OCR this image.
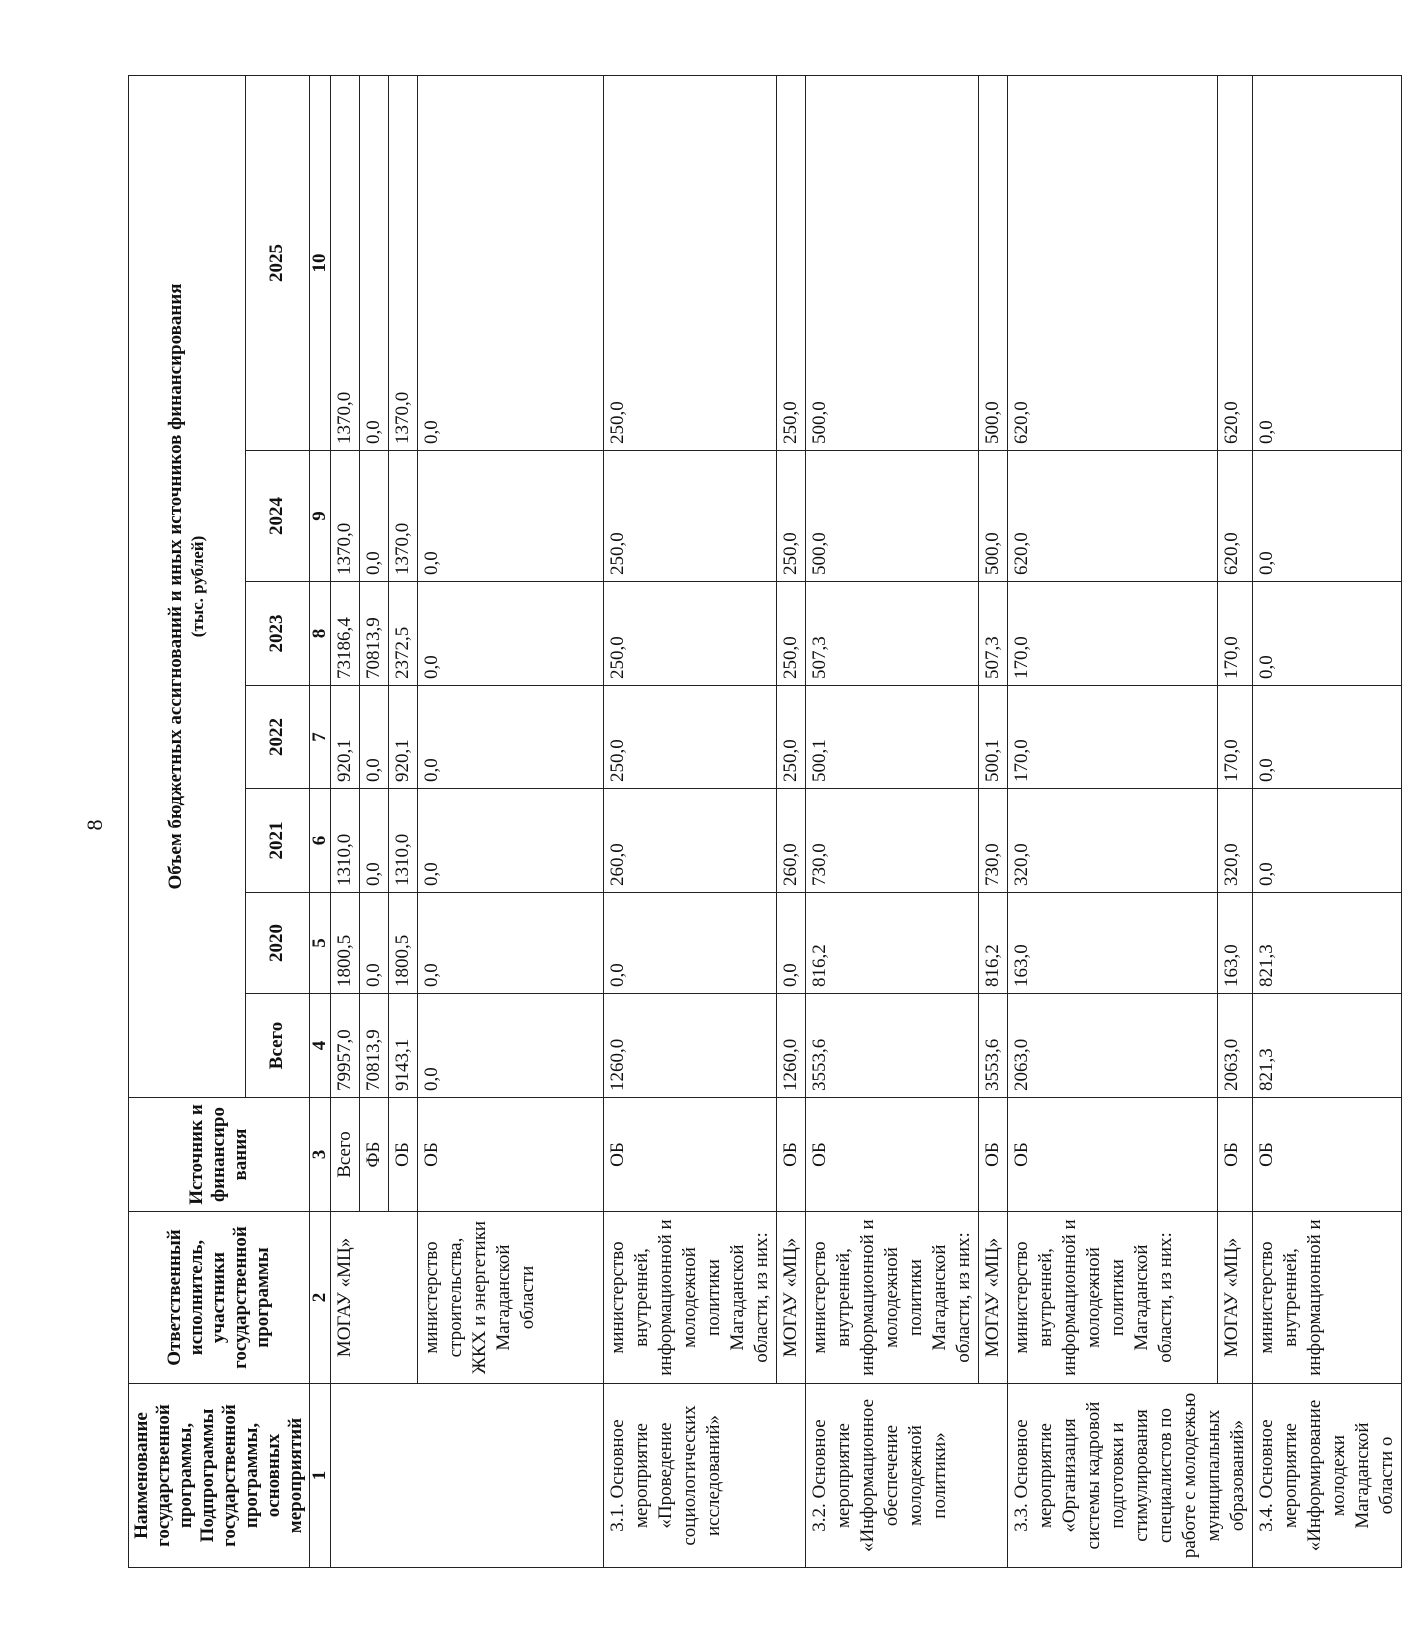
8
Наименование государственной программы, Подпрограммы государственной программы, основных мероприятий	Ответственный исполнитель, участники государственной программы	Источник и финансиро вания	Объем бюджетных ассигнований и иных источников финансирования (тыс. рублей)						

			Всего	2020	2021	2022	2023	2024	2025
1	2	3	4	5	6	7	8	9	10
	МОГАУ «МЦ»	Всего	79957,0	1800,5	1310,0	920,1	73186,4	1370,0	1370,0
		ФБ	70813,9	0,0	0,0	0,0	70813,9	0,0	0,0
		ОБ	9143,1	1800,5	1310,0	920,1	2372,5	1370,0	1370,0
	министерство строительства, ЖКХ и энергетики Магаданской области	ОБ	0,0	0,0	0,0	0,0	0,0	0,0	0,0
3.1. Основное мероприятие «Проведение социологических исследований»	министерство внутренней, информационной и молодежной политики Магаданской области, из них:	ОБ	1260,0	0,0	260,0	250,0	250,0	250,0	250,0
	МОГАУ «МЦ»	ОБ	1260,0	0,0	260,0	250,0	250,0	250,0	250,0
3.2. Основное мероприятие «Информационное обеспечение молодежной политики»	министерство внутренней, информационной и молодежной политики Магаданской области, из них:	ОБ	3553,6	816,2	730,0	500,1	507,3	500,0	500,0
	МОГАУ «МЦ»	ОБ	3553,6	816,2	730,0	500,1	507,3	500,0	500,0
3.3. Основное мероприятие «Организация системы кадровой подготовки и стимулирования специалистов по работе с молодежью муниципальных образований»	министерство внутренней, информационной и молодежной политики Магаданской области, из них:	ОБ	2063,0	163,0	320,0	170,0	170,0	620,0	620,0
	МОГАУ «МЦ»	ОБ	2063,0	163,0	320,0	170,0	170,0	620,0	620,0
3.4. Основное мероприятие «Информирование молодежи Магаданской области о	министерство внутренней, информационной и	ОБ	821,3	821,3	0,0	0,0	0,0	0,0	0,0
